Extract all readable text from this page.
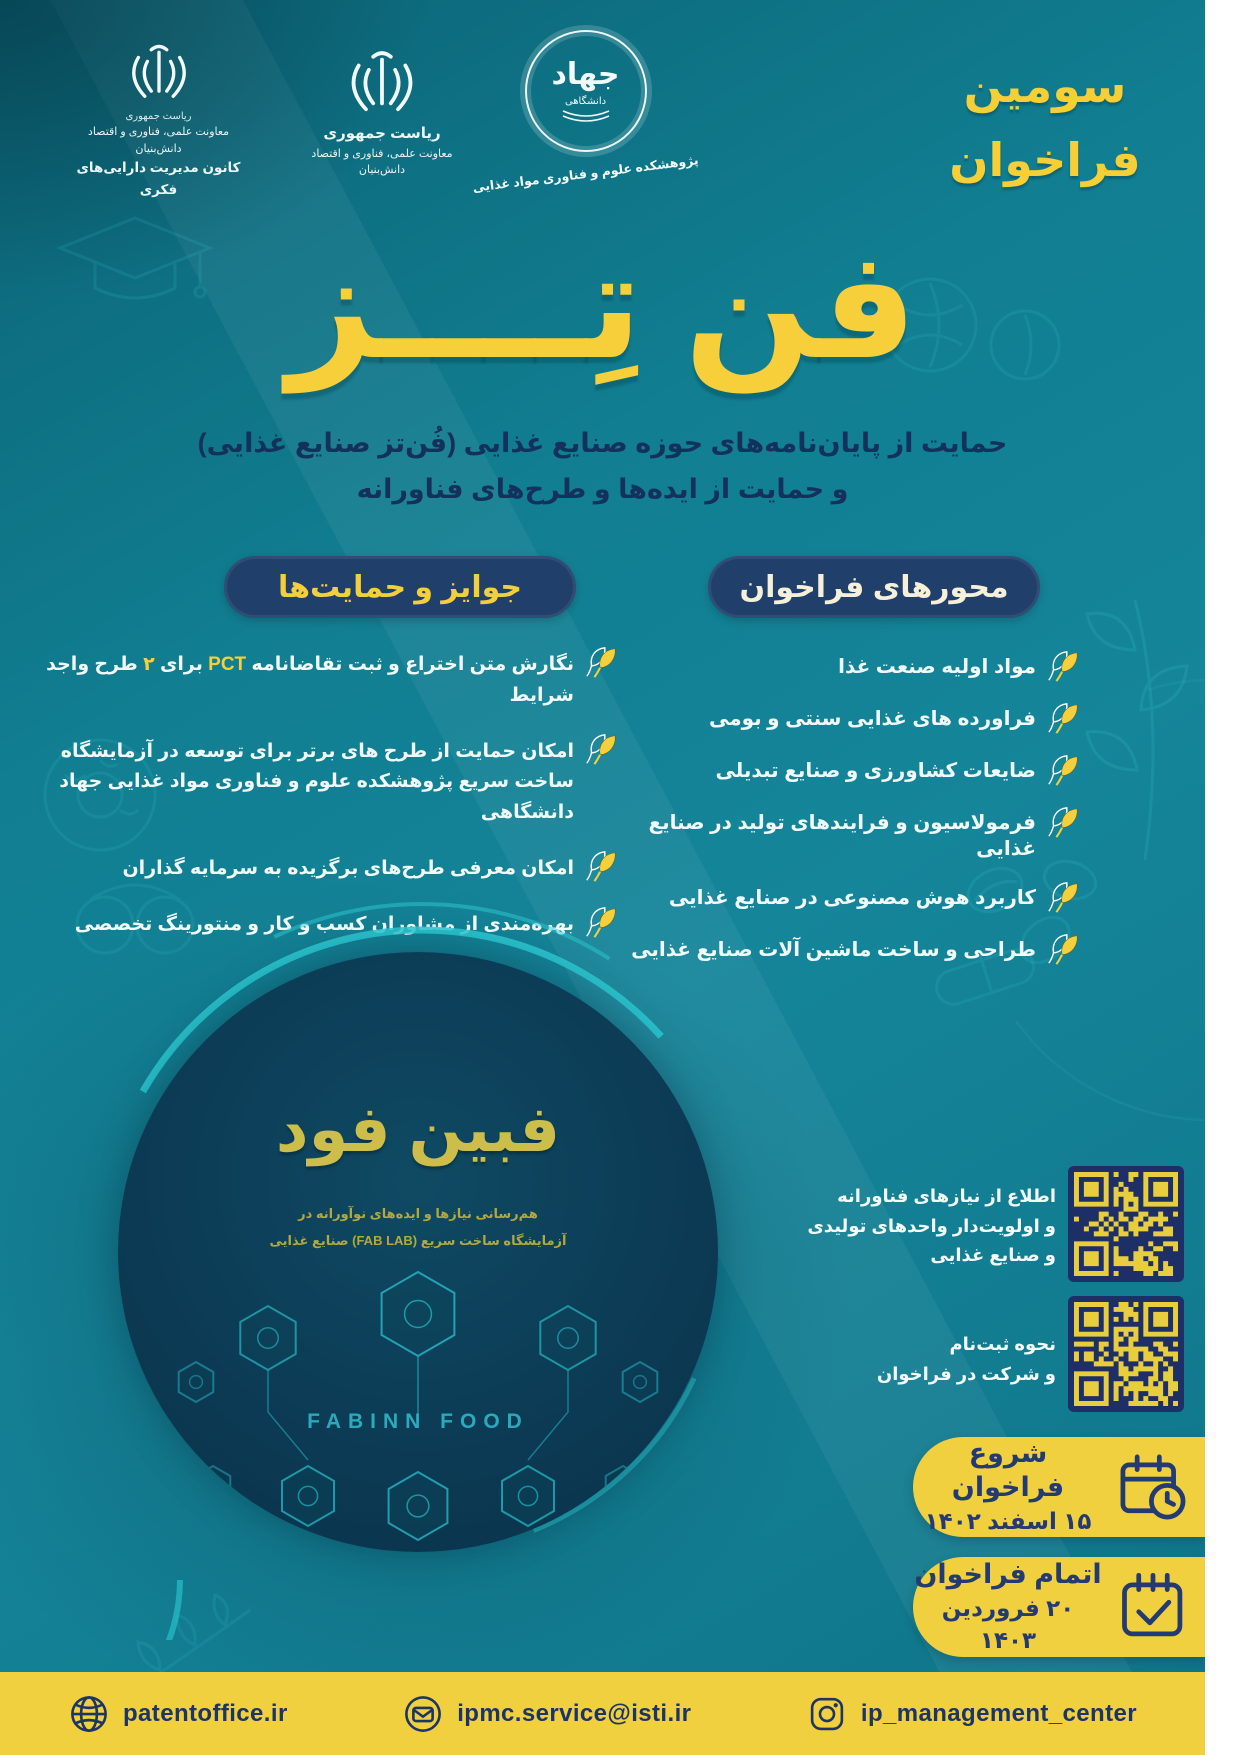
ریاست جمهوری
معاونت علمی، فناوری و اقتصاد دانش‌بنیان
کانون مدیریت دارایی‌های فکری
ریاست جمهوری
معاونت علمی، فناوری و اقتصاد دانش‌بنیان
جهاد
دانشگاهی
پژوهشکده علوم و فناوری مواد غذایی
سومین
فراخوان
فن تِــــز
حمایت از پایان‌نامه‌های حوزه صنایع غذایی (فُن‌تز صنایع غذایی)
و حمایت از ایده‌ها و طرح‌های فناورانه
محورهای فراخوان
جوایز و حمایت‌ها
مواد اولیه صنعت غذا
فراورده های غذایی سنتی و بومی
ضایعات کشاورزی و صنایع تبدیلی
فرمولاسیون و فرایندهای تولید در صنایع غذایی
کاربرد هوش مصنوعی در صنایع غذایی
طراحی و ساخت ماشین آلات صنایع غذایی
نگارش متن اختراع و ثبت تقاضانامه PCT برای ۲ طرح واجد شرایط
امکان حمایت از طرح های برتر برای توسعه در آزمایشگاه ساخت سریع پژوهشکده علوم و فناوری مواد غذایی جهاد دانشگاهی
امکان معرفی طرح‌های برگزیده به سرمایه گذاران
بهره‌مندی از مشاوران کسب و کار و منتورینگ تخصصی
فبین فود
هم‌رسانی نیازها و ایده‌های نوآورانه در
آزمایشگاه ساخت سریع (FAB LAB) صنایع غذایی
FABINN FOOD
اطلاع از نیازهای فناورانه
و اولویت‌دار واحدهای تولیدی
و صنایع غذایی
نحوه ثبت‌نام
و شرکت در فراخوان
شروع فراخوان
۱۵ اسفند ۱۴۰۲
اتمام فراخوان
۲۰ فروردین ۱۴۰۳
patentoffice.ir	ipmc.service@isti.ir	ip_management_center
